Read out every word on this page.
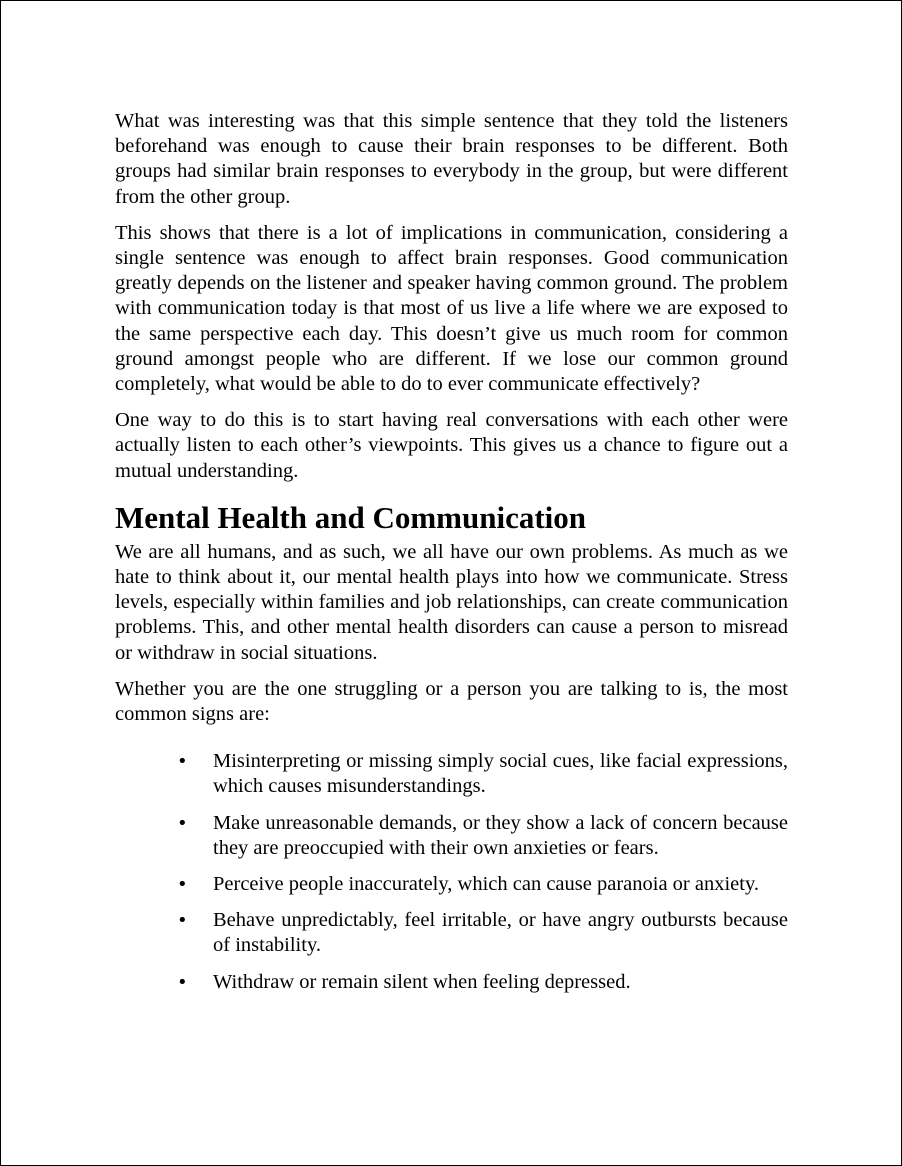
What was interesting was that this simple sentence that they told the listeners beforehand was enough to cause their brain responses to be different. Both groups had similar brain responses to everybody in the group, but were different from the other group.

This shows that there is a lot of implications in communication, considering a single sentence was enough to affect brain responses. Good communication greatly depends on the listener and speaker having common ground. The problem with communication today is that most of us live a life where we are exposed to the same perspective each day. This doesn’t give us much room for common ground amongst people who are different. If we lose our common ground completely, what would be able to do to ever communicate effectively?

One way to do this is to start having real conversations with each other were actually listen to each other’s viewpoints. This gives us a chance to figure out a mutual understanding.

Mental Health and Communication

We are all humans, and as such, we all have our own problems. As much as we hate to think about it, our mental health plays into how we communicate. Stress levels, especially within families and job relationships, can create communication problems. This, and other mental health disorders can cause a person to misread or withdraw in social situations.

Whether you are the one struggling or a person you are talking to is, the most common signs are:

• Misinterpreting or missing simply social cues, like facial expressions, which causes misunderstandings.
• Make unreasonable demands, or they show a lack of concern because they are preoccupied with their own anxieties or fears.
• Perceive people inaccurately, which can cause paranoia or anxiety.
• Behave unpredictably, feel irritable, or have angry outbursts because of instability.
• Withdraw or remain silent when feeling depressed.
